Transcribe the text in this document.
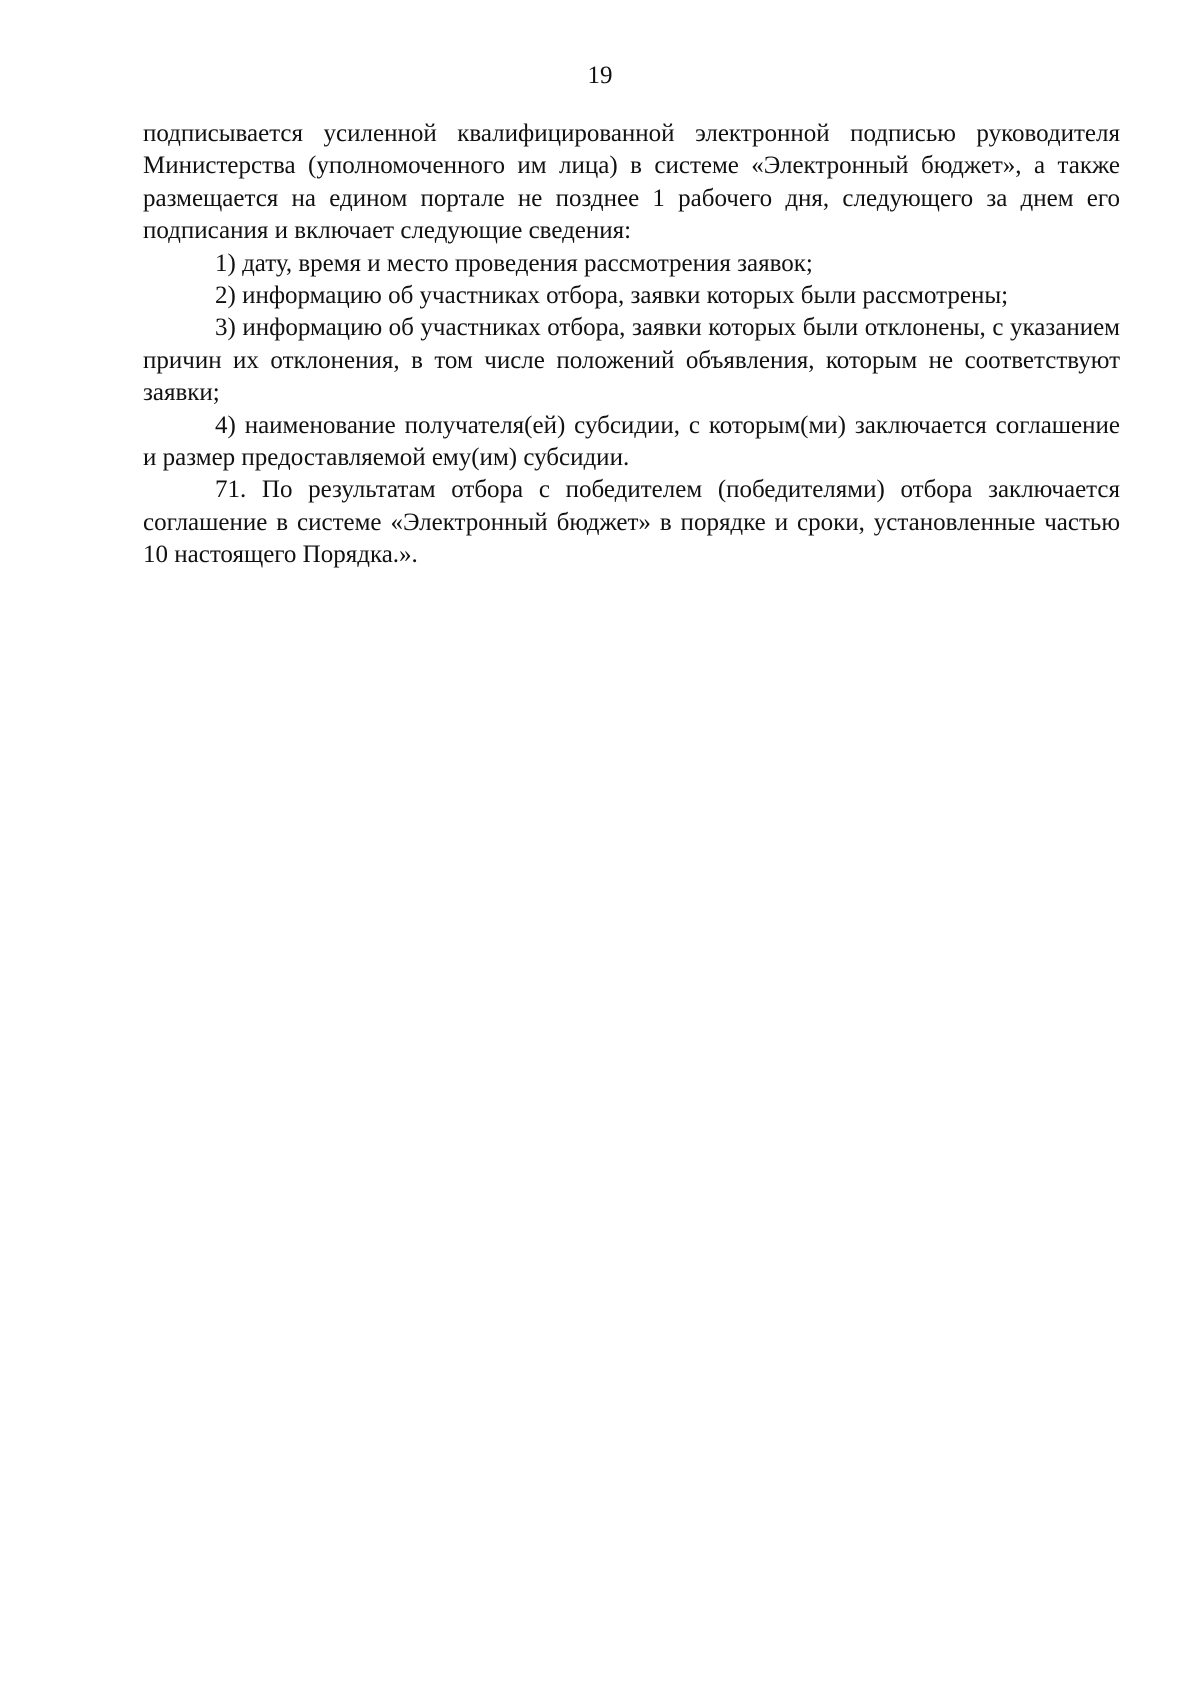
19

подписывается усиленной квалифицированной электронной подписью руководителя Министерства (уполномоченного им лица) в системе «Электронный бюджет», а также размещается на едином портале не позднее 1 рабочего дня, следующего за днем его подписания и включает следующие сведения:

1) дату, время и место проведения рассмотрения заявок;

2) информацию об участниках отбора, заявки которых были рассмотрены;

3) информацию об участниках отбора, заявки которых были отклонены, с указанием причин их отклонения, в том числе положений объявления, которым не соответствуют заявки;

4) наименование получателя(ей) субсидии, с которым(ми) заключается соглашение и размер предоставляемой ему(им) субсидии.

71. По результатам отбора с победителем (победителями) отбора заключается соглашение в системе «Электронный бюджет» в порядке и сроки, установленные частью 10 настоящего Порядка.».
